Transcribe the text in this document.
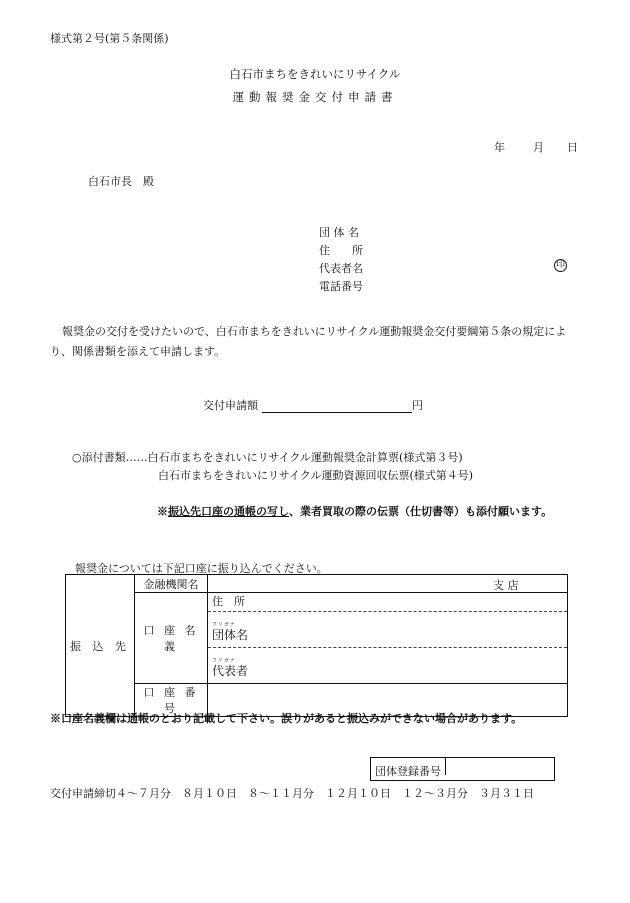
様式第２号(第５条関係)
白石市まちをきれいにリサイクル
運動報奨金交付申請書
年	月 日
白石市長　殿
団 体 名
住　　所
代表者名	印
電話番号
報奨金の交付を受けたいので、白石市まちをきれいにリサイクル運動報奨金交付要綱第５条の規定により、関係書類を添えて申請します。
交付申請額	円
○添付書類……白石市まちをきれいにリサイクル運動報奨金計算票(様式第３号)
白石市まちをきれいにリサイクル運動資源回収伝票(様式第４号)
※振込先口座の通帳の写し、業者買取の際の伝票（仕切書等）も添付願います。
報奨金については下記口座に振り込んでください。
振 込 先	金融機関名	支 店

	口 座 名 義	住　所
フリガナ
団体名
フリガナ
代表者

	口 座 番 号	
※口座名義欄は通帳のとおり記載して下さい。誤りがあると振込みができない場合があります。
団体登録番号
交付申請締切４～７月分　８月１０日　８～１１月分　１２月１０日　１２～３月分　３月３１日
